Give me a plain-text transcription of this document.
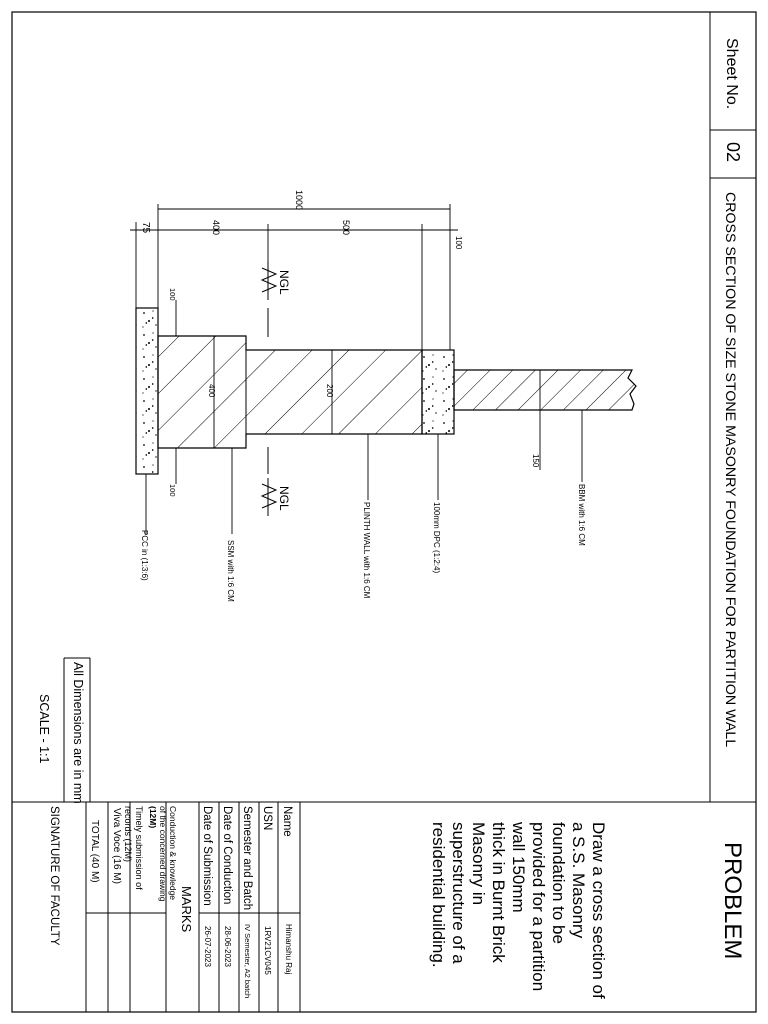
Sheet No.
02
CROSS SECTION OF SIZE STONE MASONRY FOUNDATION FOR PARTITION WALL
All Dimensions are in mm
SCALE - 1:1
PROBLEM
Draw a cross section of
a S.S. Masonry
foundation to be
provided for a partition
wall 150mm
thick in Burnt Brick
Masonry in
superstructure of a
residential building.
Name
Himanshu Raj
USN
1RV21CV045
Semester and Batch
IV Semester, A2 batch
Date of Conduction
28-06-2023
Date of Submission
26-07-2023
MARKS
Conduction & knowledge
of the concerned drawing
(12M)
Timely submission of
records (12M)
Viva Voce (16 M)
TOTAL (40 M)
SIGNATURE OF FACULTY
1000
75	400	500
100
100
100
400	200
150
NGL
NGL	BBM with 1:6 CM
100mm DPC (1:2:4)
PLINTH WALL with 1:6 CM
SSM with 1:6 CM
PCC in (1:3:6)
